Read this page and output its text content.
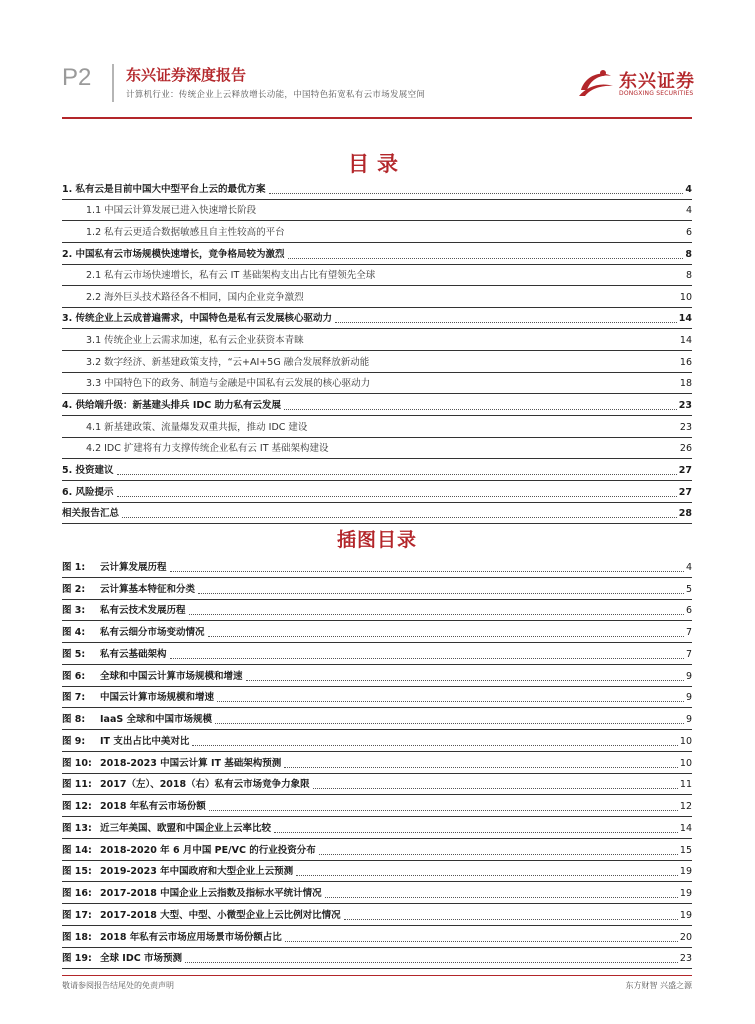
P2 东兴证券深度报告
计算机行业：传统企业上云释放增长动能，中国特色拓宽私有云市场发展空间
东兴证券
DONGXING SECURITIES
目录
1. 私有云是目前中国大中型平台上云的最优方案	4
1.1 中国云计算发展已进入快速增长阶段	4
1.2 私有云更适合数据敏感且自主性较高的平台	6
2. 中国私有云市场规模快速增长，竞争格局较为激烈	8
2.1 私有云市场快速增长，私有云 IT 基础架构支出占比有望领先全球	8
2.2 海外巨头技术路径各不相同，国内企业竞争激烈	10
3. 传统企业上云成普遍需求，中国特色是私有云发展核心驱动力	14
3.1 传统企业上云需求加速，私有云企业获资本青睐	14
3.2 数字经济、新基建政策支持，“云+AI+5G 融合发展释放新动能	16
3.3 中国特色下的政务、制造与金融是中国私有云发展的核心驱动力	18
4. 供给端升级：新基建头排兵 IDC 助力私有云发展	23
4.1 新基建政策、流量爆发双重共振，推动 IDC 建设	23
4.2 IDC 扩建将有力支撑传统企业私有云 IT 基础架构建设	26
5. 投资建议	27
6. 风险提示	27
相关报告汇总	28
插图目录
图 1:	云计算发展历程	4
图 2:	云计算基本特征和分类	5
图 3:	私有云技术发展历程	6
图 4:	私有云细分市场变动情况	7
图 5:	私有云基础架构	7
图 6:	全球和中国云计算市场规模和增速	9
图 7:	中国云计算市场规模和增速	9
图 8:	IaaS 全球和中国市场规模	9
图 9:	IT 支出占比中美对比	10
图 10: 2018-2023 中国云计算 IT 基础架构预测	10
图 11: 2017（左）、2018（右）私有云市场竞争力象限	11
图 12: 2018 年私有云市场份额	12
图 13: 近三年美国、欧盟和中国企业上云率比较	14
图 14: 2018-2020 年 6 月中国 PE/VC 的行业投资分布	15
图 15: 2019-2023 年中国政府和大型企业上云预测	19
图 16: 2017-2018 中国企业上云指数及指标水平统计情况	19
图 17: 2017-2018 大型、中型、小微型企业上云比例对比情况	19
图 18: 2018 年私有云市场应用场景市场份额占比	20
图 19: 全球 IDC 市场预测	23
敬请参阅报告结尾处的免责声明	东方财智 兴盛之源
